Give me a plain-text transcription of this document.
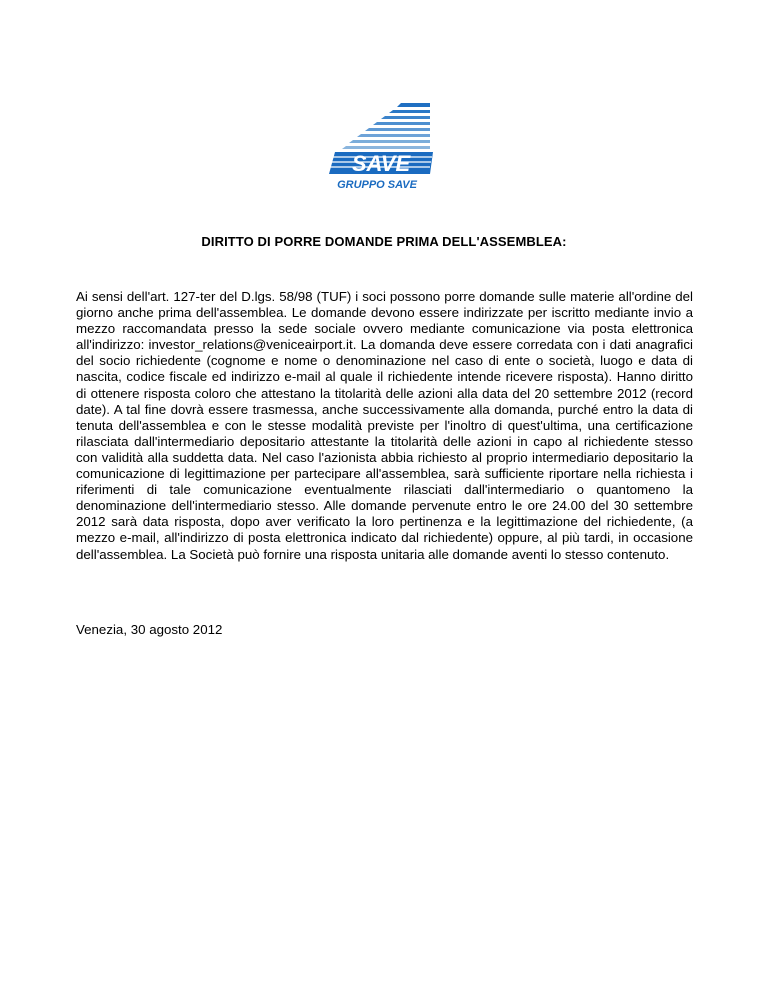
SAVE
GRUPPO SAVE
DIRITTO DI PORRE DOMANDE PRIMA DELL'ASSEMBLEA:

Ai sensi dell'art. 127-ter del D.lgs. 58/98 (TUF) i soci possono porre domande sulle materie all'ordine del giorno anche prima dell'assemblea. Le domande devono essere indirizzate per iscritto mediante invio a mezzo raccomandata presso la sede sociale ovvero mediante comunicazione via posta elettronica all'indirizzo: investor_relations@veniceairport.it. La domanda deve essere corredata con i dati anagrafici del socio richiedente (cognome e nome o denominazione nel caso di ente o società, luogo e data di nascita, codice fiscale ed indirizzo e-mail al quale il richiedente intende ricevere risposta). Hanno diritto di ottenere risposta coloro che attestano la titolarità delle azioni alla data del 20 settembre 2012 (record date). A tal fine dovrà essere trasmessa, anche successivamente alla domanda, purché entro la data di tenuta dell'assemblea e con le stesse modalità previste per l'inoltro di quest'ultima, una certificazione rilasciata dall'intermediario depositario attestante la titolarità delle azioni in capo al richiedente stesso con validità alla suddetta data. Nel caso l'azionista abbia richiesto al proprio intermediario depositario la comunicazione di legittimazione per partecipare all'assemblea, sarà sufficiente riportare nella richiesta i riferimenti di tale comunicazione eventualmente rilasciati dall'intermediario o quantomeno la denominazione dell'intermediario stesso. Alle domande pervenute entro le ore 24.00 del 30 settembre 2012 sarà data risposta, dopo aver verificato la loro pertinenza e la legittimazione del richiedente, (a mezzo e-mail, all'indirizzo di posta elettronica indicato dal richiedente) oppure, al più tardi, in occasione dell'assemblea. La Società può fornire una risposta unitaria alle domande aventi lo stesso contenuto.

Venezia, 30 agosto 2012
